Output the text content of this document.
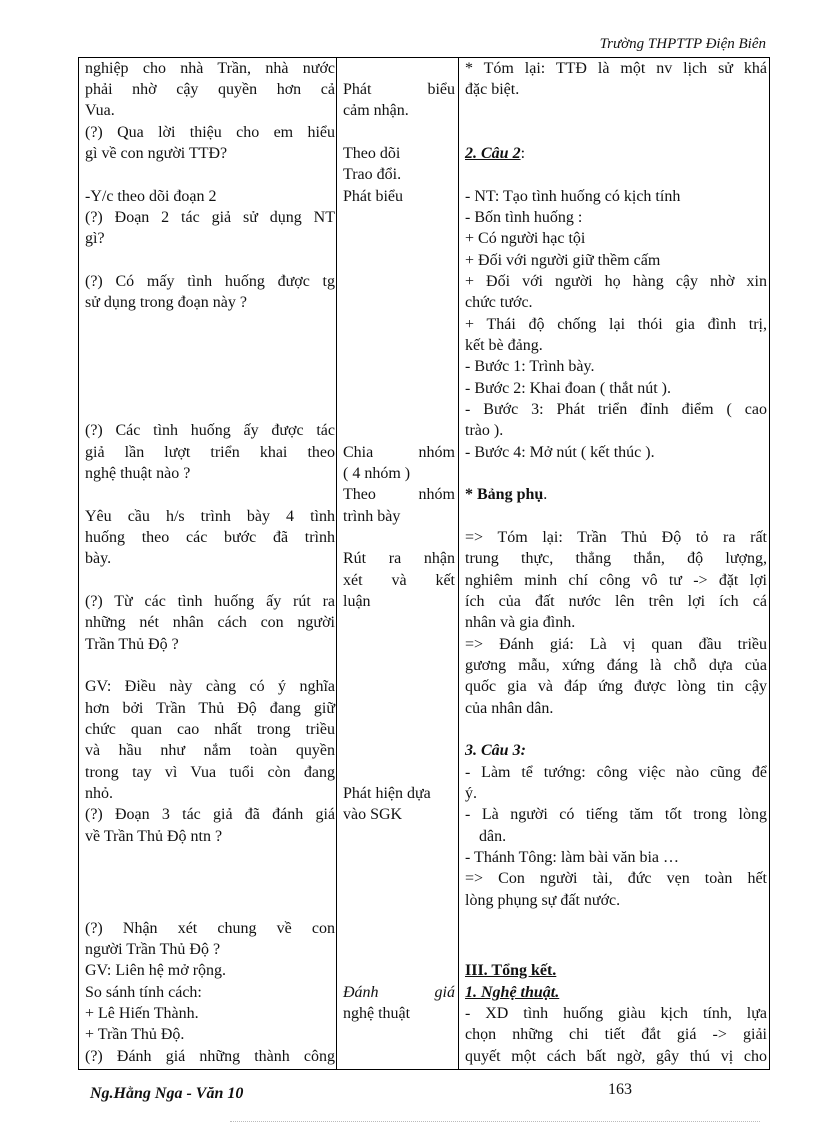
Trường THPTTP Điện Biên
nghiệp cho nhà Trần, nhà nước
phải nhờ cậy quyền hơn cả
Vua.
(?) Qua lời thiệu cho em hiểu
gì về con người TTĐ?
-Y/c theo dõi đoạn 2
(?) Đoạn 2 tác giả sử dụng NT
gì?
(?) Có mấy tình huống được tg
sử dụng trong đoạn này ?
(?) Các tình huống ấy được tác
giả lần lượt triển khai theo
nghệ thuật nào ?
Yêu cầu h/s trình bày 4 tình
huống theo các bước đã trình
bày.
(?) Từ các tình huống ấy rút ra
những nét nhân cách con người
Trần Thủ Độ ?
GV: Điều này càng có ý nghĩa
hơn bởi Trần Thủ Độ đang giữ
chức quan cao nhất trong triều
và hầu như nắm toàn quyền
trong tay vì Vua tuổi còn đang
nhỏ.
(?) Đoạn 3 tác giả đã đánh giá
về Trần Thủ Độ ntn ?
(?) Nhận xét chung về con
người Trần Thủ Độ ?
GV: Liên hệ mở rộng.
So sánh tính cách:
+ Lê Hiến Thành.
+ Trần Thủ Độ.
(?) Đánh giá những thành công
Phát biểu
cảm nhận.
Theo dõi
Trao đổi.
Phát biểu
Chia nhóm
( 4 nhóm )
Theo nhóm
trình bày
Rút ra nhận
xét và kết
luận
Phát hiện dựa
vào SGK
Đánh giá
nghệ thuật
* Tóm lại: TTĐ là một nv lịch sử khá
đặc biệt.
2. Câu 2:
- NT: Tạo tình huống có kịch tính
- Bốn tình huống :
+ Có người hạc tội
+ Đối với người giữ thềm cấm
+ Đối với người họ hàng cậy nhờ xin
chức tước.
+ Thái độ chống lại thói gia đình trị,
kết bè đảng.
- Bước 1: Trình bày.
- Bước 2: Khai đoan ( thắt nút ).
- Bước 3: Phát triển đỉnh điểm ( cao
trào ).
- Bước 4: Mở nút ( kết thúc ).
* Bảng phụ.
=> Tóm lại: Trần Thủ Độ tỏ ra rất
trung thực, thẳng thắn, độ lượng,
nghiêm minh chí công vô tư -> đặt lợi
ích của đất nước lên trên lợi ích cá
nhân và gia đình.
=> Đánh giá: Là vị quan đầu triều
gương mẫu, xứng đáng là chỗ dựa của
quốc gia và đáp ứng được lòng tin cậy
của nhân dân.
3. Câu 3:
- Làm tể tướng: công việc nào cũng để
ý.
- Là người có tiếng tăm tốt trong lòng
dân.
- Thánh Tông: làm bài văn bia …
=> Con người tài, đức vẹn toàn hết
lòng phụng sự đất nước.
III. Tổng kết.
1. Nghệ thuật.
- XD tình huống giàu kịch tính, lựa
chọn những chi tiết đắt giá -> giải
quyết một cách bất ngờ, gây thú vị cho
Ng.Hằng Nga - Văn 10	163
